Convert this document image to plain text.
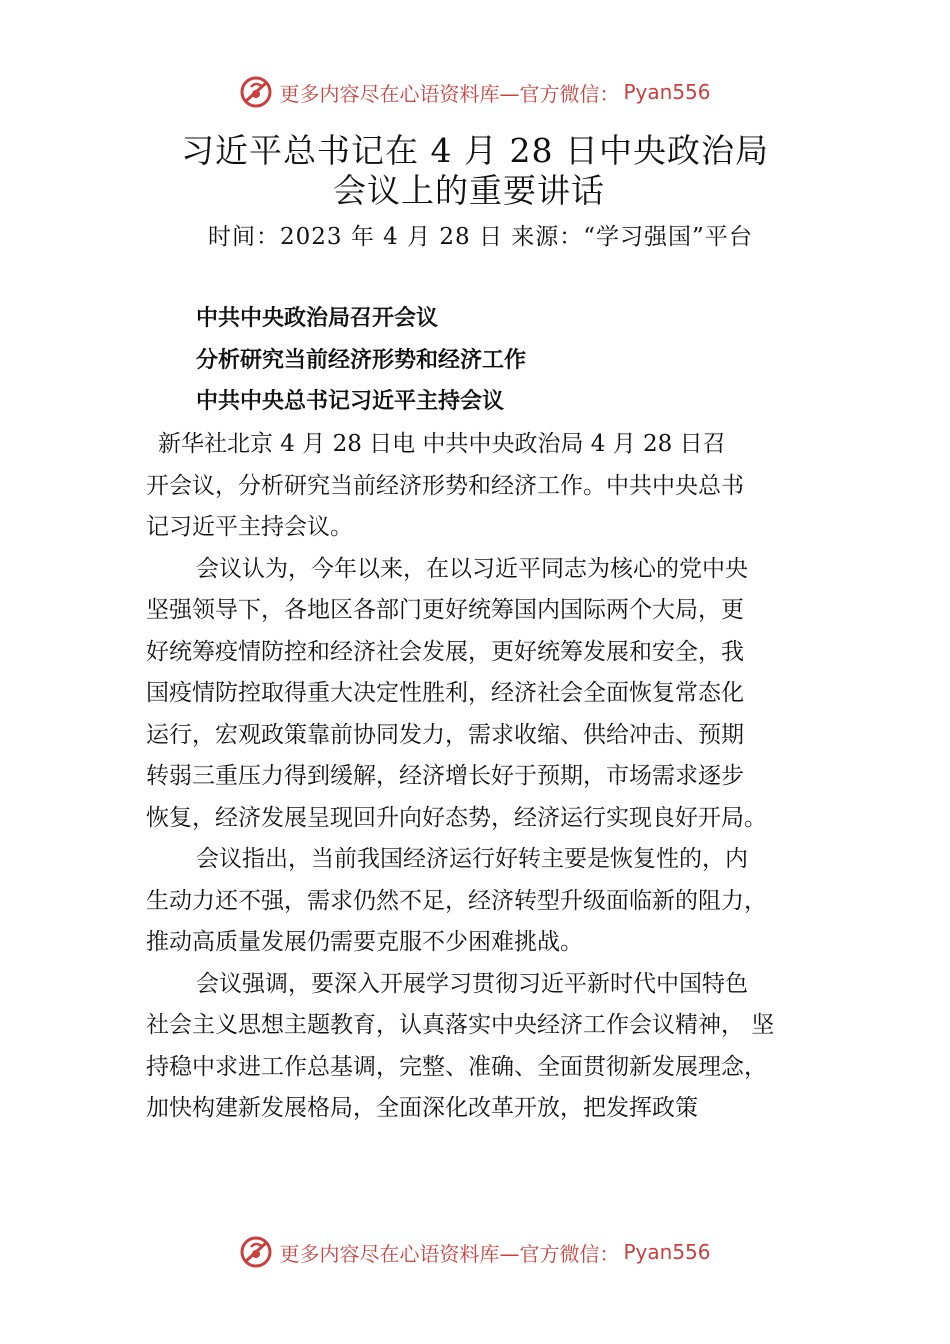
更多内容尽在心语资料库—官方微信： Pyan556
习近平总书记在 4 月 28 日中央政治局
会议上的重要讲话
时间：2023 年 4 月 28 日 来源：“学习强国”平台
中共中央政治局召开会议
分析研究当前经济形势和经济工作
中共中央总书记习近平主持会议
新华社北京 4 月 28 日电 中共中央政治局 4 月 28 日召
开会议，分析研究当前经济形势和经济工作。中共中央总书
记习近平主持会议。
会议认为，今年以来，在以习近平同志为核心的党中央
坚强领导下，各地区各部门更好统筹国内国际两个大局，更
好统筹疫情防控和经济社会发展，更好统筹发展和安全，我
国疫情防控取得重大决定性胜利，经济社会全面恢复常态化
运行，宏观政策靠前协同发力，需求收缩、供给冲击、预期
转弱三重压力得到缓解，经济增长好于预期，市场需求逐步
恢复，经济发展呈现回升向好态势，经济运行实现良好开局。
会议指出，当前我国经济运行好转主要是恢复性的，内
生动力还不强，需求仍然不足，经济转型升级面临新的阻力，
推动高质量发展仍需要克服不少困难挑战。
会议强调，要深入开展学习贯彻习近平新时代中国特色
社会主义思想主题教育，认真落实中央经济工作会议精神， 坚
持稳中求进工作总基调，完整、准确、全面贯彻新发展理念，
加快构建新发展格局，全面深化改革开放，把发挥政策
更多内容尽在心语资料库—官方微信： Pyan556
